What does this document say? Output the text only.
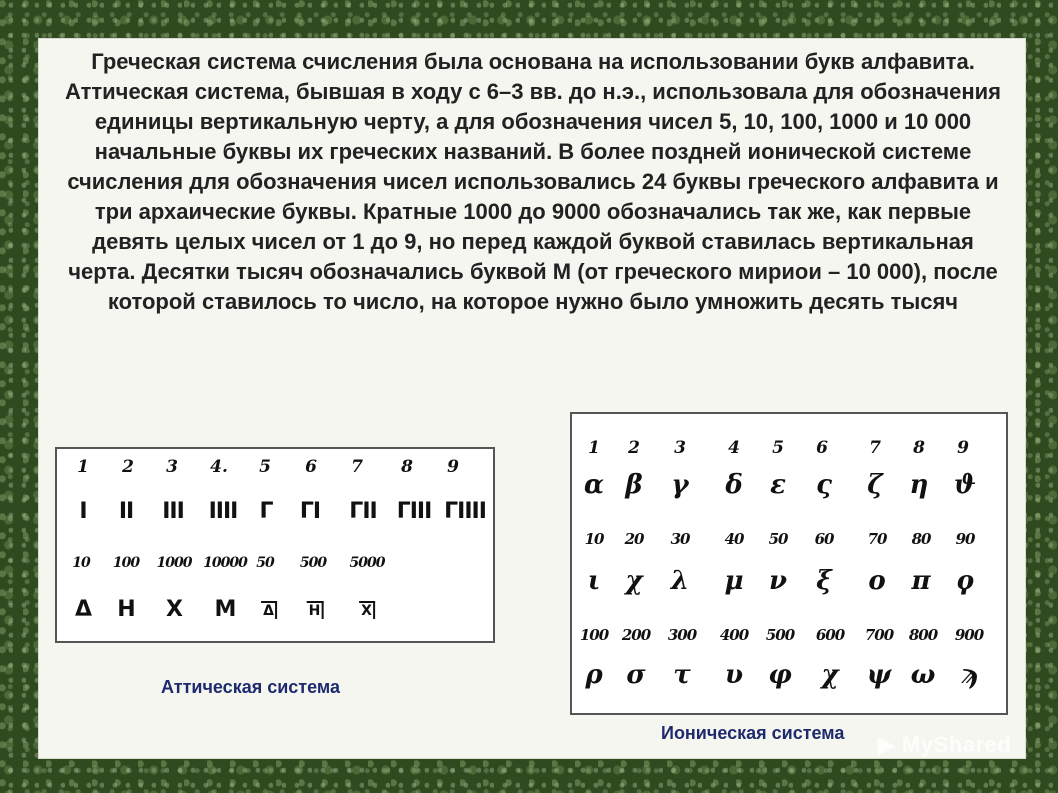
Греческая система счисления была основана на использовании букв алфавита. Аттическая система, бывшая в ходу с 6–3 вв. до н.э., использовала для обозначения единицы вертикальную черту, а для обозначения чисел 5, 10, 100, 1000 и 10 000 начальные буквы их греческих названий. В более поздней ионической системе счисления для обозначения чисел использовались 24 буквы греческого алфавита и три архаические буквы. Кратные 1000 до 9000 обозначались так же, как первые девять целых чисел от 1 до 9, но перед каждой буквой ставилась вертикальная черта. Десятки тысяч обозначались буквой М (от греческого мириои – 10 000), после которой ставилось то число, на которое нужно было умножить десять тысяч

1 2 3 4. 5 6 7 8 9
I II III IIII Γ ΓI ΓII ΓIII ΓIIII
10 100 1000 10000 50 500 5000
Δ H X M Δ	H	X

Аттическая система

1 2 3 4 5 6 7 8 9
α β γ δ ε ς ζ η ϑ
10 20 30 40 50 60 70 80 90
ι χ λ μ ν ξ ο π ϙ
100 200 300 400 500 600 700 800 900
ρ σ τ υ φ χ ψ ω ϡ

Ионическая система ▶ MyShared
